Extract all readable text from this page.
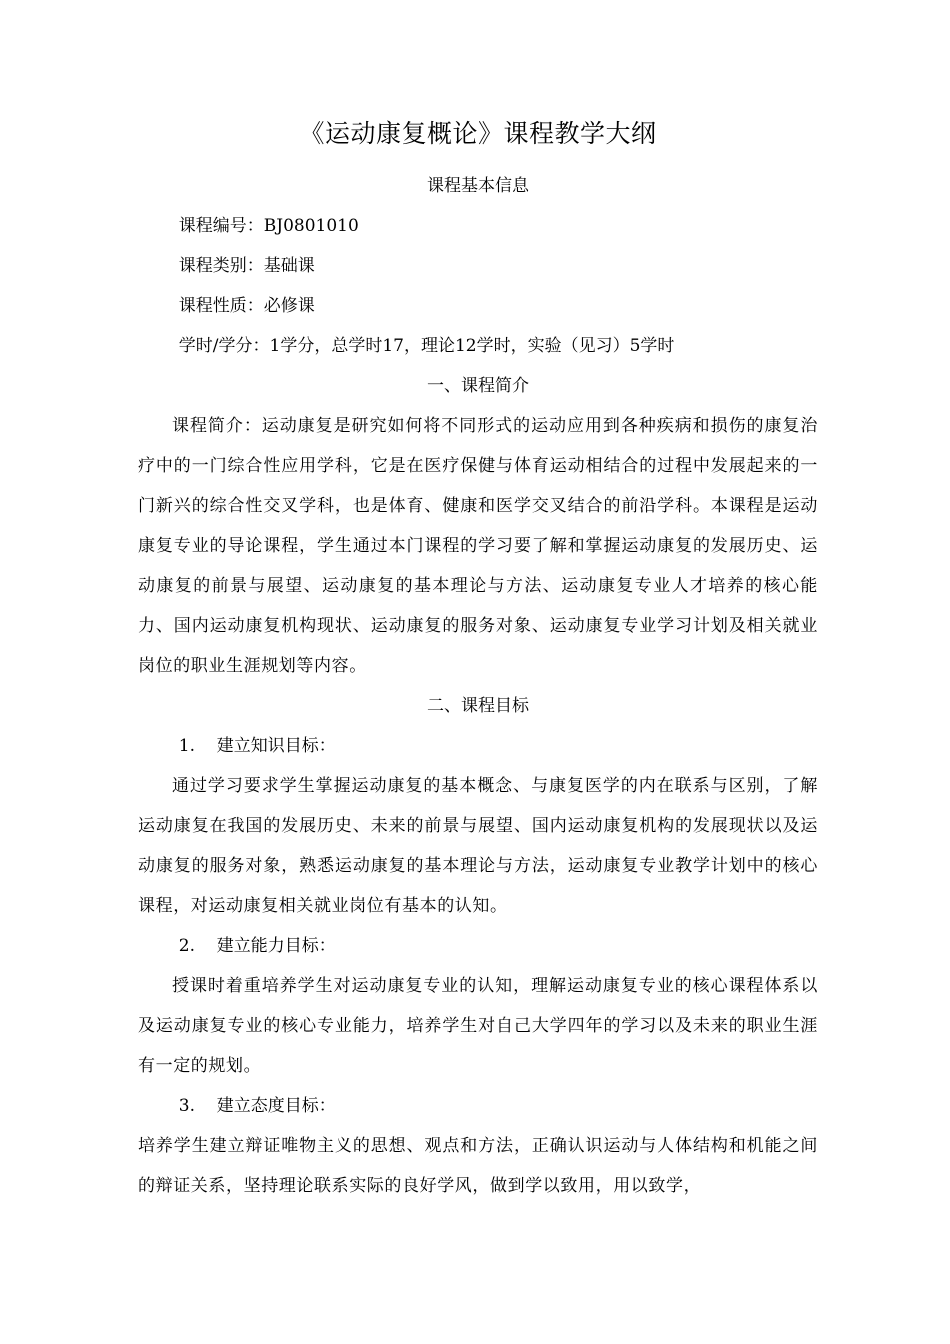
《运动康复概论》课程教学大纲

课程基本信息

课程编号：BJ0801010

课程类别：基础课

课程性质：必修课

学时/学分：1学分，总学时17，理论12学时，实验（见习）5学时

一、课程简介

课程简介：运动康复是研究如何将不同形式的运动应用到各种疾病和损伤的康复治疗中的一门综合性应用学科，它是在医疗保健与体育运动相结合的过程中发展起来的一门新兴的综合性交叉学科，也是体育、健康和医学交叉结合的前沿学科。本课程是运动康复专业的导论课程，学生通过本门课程的学习要了解和掌握运动康复的发展历史、运动康复的前景与展望、运动康复的基本理论与方法、运动康复专业人才培养的核心能力、国内运动康复机构现状、运动康复的服务对象、运动康复专业学习计划及相关就业岗位的职业生涯规划等内容。

二、课程目标

1. 建立知识目标：

通过学习要求学生掌握运动康复的基本概念、与康复医学的内在联系与区别，了解运动康复在我国的发展历史、未来的前景与展望、国内运动康复机构的发展现状以及运动康复的服务对象，熟悉运动康复的基本理论与方法，运动康复专业教学计划中的核心课程，对运动康复相关就业岗位有基本的认知。

2. 建立能力目标：

授课时着重培养学生对运动康复专业的认知，理解运动康复专业的核心课程体系以及运动康复专业的核心专业能力，培养学生对自己大学四年的学习以及未来的职业生涯有一定的规划。

3. 建立态度目标：

培养学生建立辩证唯物主义的思想、观点和方法，正确认识运动与人体结构和机能之间的辩证关系，坚持理论联系实际的良好学风，做到学以致用，用以致学，
